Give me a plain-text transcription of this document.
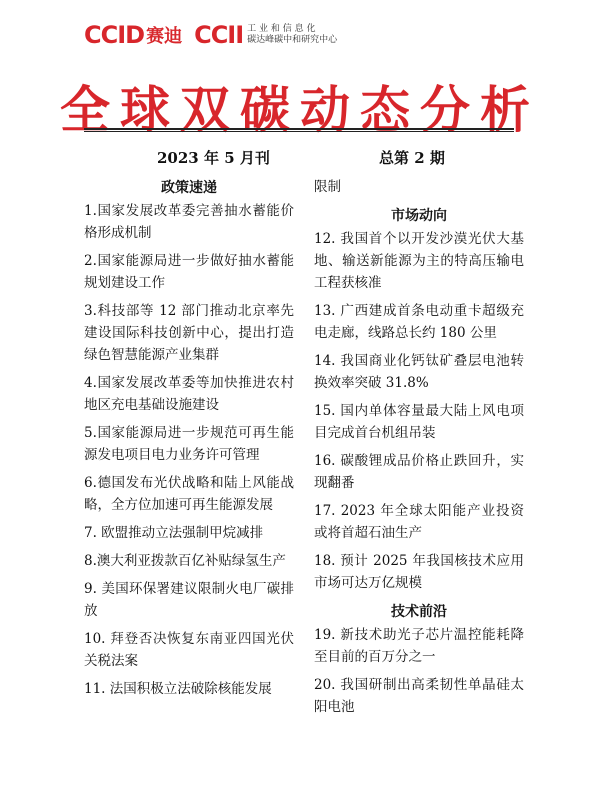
CCID 赛迪 CCII 工 业 和 信 息 化
碳达峰碳中和研究中心
全球双碳动态分析
2023 年 5 月刊	总第 2 期
政策速递
1.国家发展改革委完善抽水蓄能价格形成机制
2.国家能源局进一步做好抽水蓄能规划建设工作
3.科技部等 12 部门推动北京率先建设国际科技创新中心，提出打造绿色智慧能源产业集群
4.国家发展改革委等加快推进农村地区充电基础设施建设
5.国家能源局进一步规范可再生能源发电项目电力业务许可管理
6.德国发布光伏战略和陆上风能战略，全方位加速可再生能源发展
7. 欧盟推动立法强制甲烷减排
8.澳大利亚拨款百亿补贴绿氢生产
9. 美国环保署建议限制火电厂碳排放
10. 拜登否决恢复东南亚四国光伏关税法案
11. 法国积极立法破除核能发展
限制
市场动向
12. 我国首个以开发沙漠光伏大基地、输送新能源为主的特高压输电工程获核准
13. 广西建成首条电动重卡超级充电走廊，线路总长约 180 公里
14. 我国商业化钙钛矿叠层电池转换效率突破 31.8%
15. 国内单体容量最大陆上风电项目完成首台机组吊装
16. 碳酸锂成品价格止跌回升，实现翻番
17. 2023 年全球太阳能产业投资或将首超石油生产
18. 预计 2025 年我国核技术应用市场可达万亿规模
技术前沿
19. 新技术助光子芯片温控能耗降至目前的百万分之一
20. 我国研制出高柔韧性单晶硅太阳电池
